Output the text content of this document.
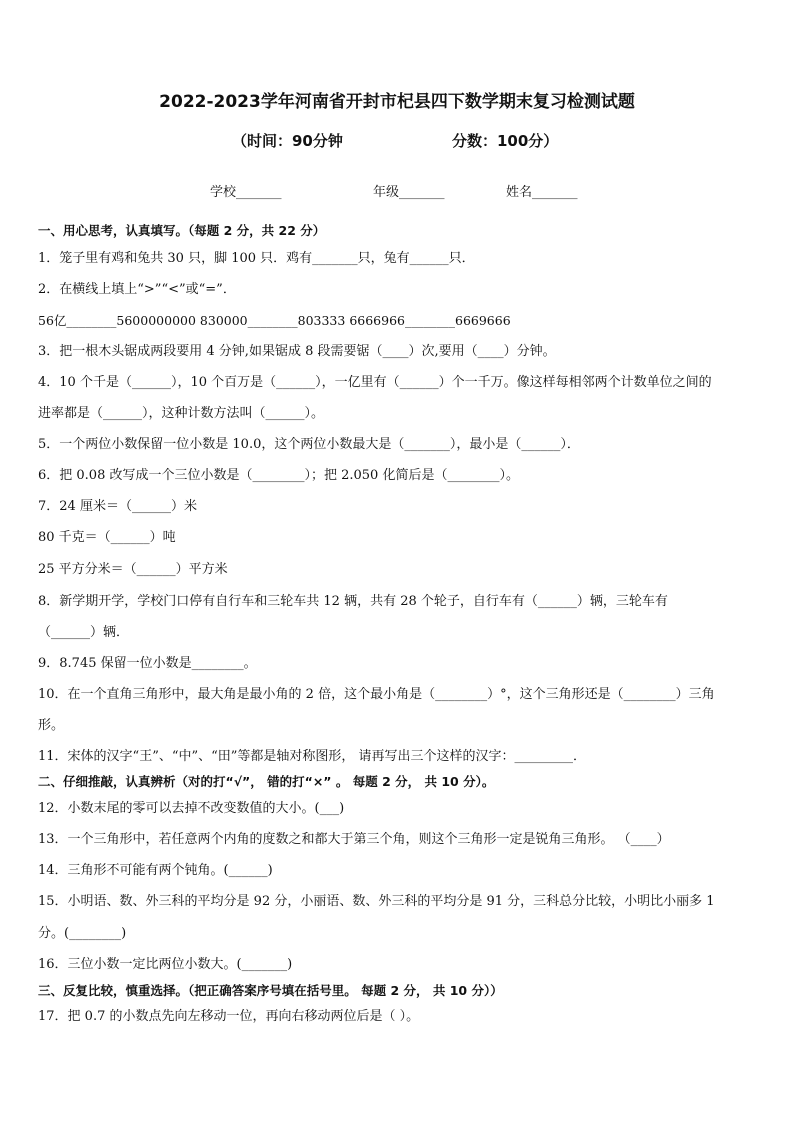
2022-2023学年河南省开封市杞县四下数学期末复习检测试题
（时间：90分钟	分数：100分）
学校_______	年级_______	姓名_______
一、用心思考，认真填写。（每题 2 分，共 22 分）
1．笼子里有鸡和兔共 30 只，脚 100 只．鸡有_______只，兔有______只．
2．在横线上填上“>”“<”或“=”．
56亿________5600000000 830000________803333 6666966________6669666
3．把一根木头锯成两段要用 4 分钟,如果锯成 8 段需要锯（____）次,要用（____）分钟。
4．10 个千是（______），10 个百万是（______），一亿里有（______）个一千万。像这样每相邻两个计数单位之间的
进率都是（______），这种计数方法叫（______）。
5．一个两位小数保留一位小数是 10.0，这个两位小数最大是（_______），最小是（______）．
6．把 0.08 改写成一个三位小数是（________）；把 2.050 化简后是（________）。
7．24 厘米＝（______）米
80 千克＝（______）吨
25 平方分米＝（______）平方米
8．新学期开学，学校门口停有自行车和三轮车共 12 辆，共有 28 个轮子，自行车有（______）辆，三轮车有
（______）辆．
9．8.745 保留一位小数是________。
10．在一个直角三角形中，最大角是最小角的 2 倍，这个最小角是（________）°，这个三角形还是（________）三角
形。
11．宋体的汉字“王”、“中”、“田”等都是轴对称图形， 请再写出三个这样的汉字：_________．
二、仔细推敲，认真辨析（对的打“√”， 错的打“×” 。 每题 2 分， 共 10 分）。
12．小数末尾的零可以去掉不改变数值的大小。(___)
13．一个三角形中，若任意两个内角的度数之和都大于第三个角，则这个三角形一定是锐角三角形。 （____）
14．三角形不可能有两个钝角。(______)
15．小明语、数、外三科的平均分是 92 分，小丽语、数、外三科的平均分是 91 分，三科总分比较，小明比小丽多 1
分。(________)
16．三位小数一定比两位小数大。(_______)
三、反复比较，慎重选择。（把正确答案序号填在括号里。 每题 2 分， 共 10 分））
17．把 0.7 的小数点先向左移动一位，再向右移动两位后是（ ）。
